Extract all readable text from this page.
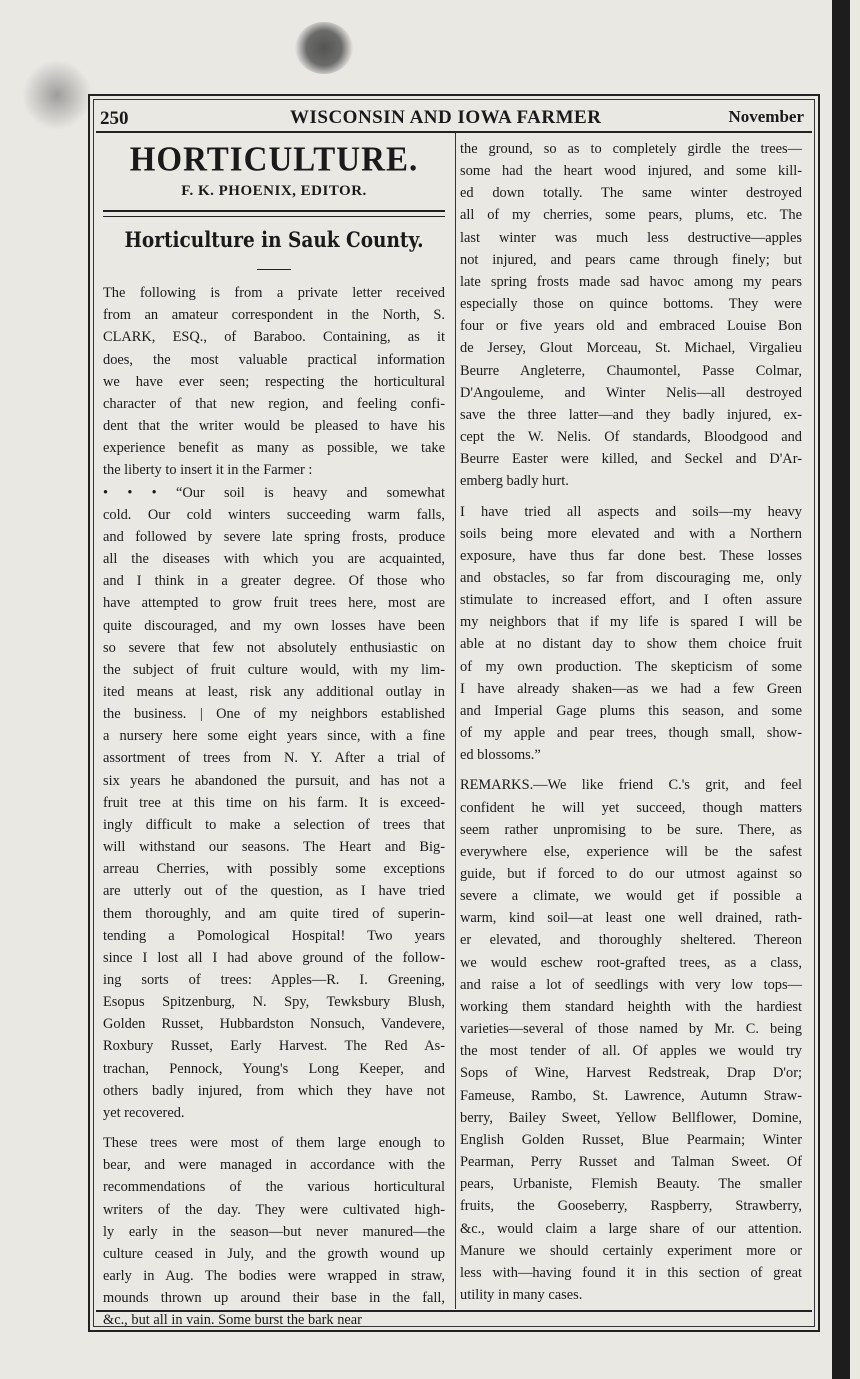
250	WISCONSIN AND IOWA FARMER	November
HORTICULTURE.
F. K. PHOENIX, EDITOR.
Horticulture in Sauk County.
The following is from a private letter received
from an amateur correspondent in the North, S.
CLARK, ESQ., of Baraboo. Containing, as it
does, the most valuable practical information
we have ever seen; respecting the horticultural
character of that new region, and feeling confi-
dent that the writer would be pleased to have his
experience benefit as many as possible, we take
the liberty to insert it in the Farmer :
• • • “Our soil is heavy and somewhat
cold. Our cold winters succeeding warm falls,
and followed by severe late spring frosts, produce
all the diseases with which you are acquainted,
and I think in a greater degree. Of those who
have attempted to grow fruit trees here, most are
quite discouraged, and my own losses have been
so severe that few not absolutely enthusiastic on
the subject of fruit culture would, with my lim-
ited means at least, risk any additional outlay in
the business. | One of my neighbors established
a nursery here some eight years since, with a fine
assortment of trees from N. Y. After a trial of
six years he abandoned the pursuit, and has not a
fruit tree at this time on his farm. It is exceed-
ingly difficult to make a selection of trees that
will withstand our seasons. The Heart and Big-
arreau Cherries, with possibly some exceptions
are utterly out of the question, as I have tried
them thoroughly, and am quite tired of superin-
tending a Pomological Hospital! Two years
since I lost all I had above ground of the follow-
ing sorts of trees: Apples—R. I. Greening,
Esopus Spitzenburg, N. Spy, Tewksbury Blush,
Golden Russet, Hubbardston Nonsuch, Vandevere,
Roxbury Russet, Early Harvest. The Red As-
trachan, Pennock, Young's Long Keeper, and
others badly injured, from which they have not
yet recovered.
These trees were most of them large enough to
bear, and were managed in accordance with the
recommendations of the various horticultural
writers of the day. They were cultivated high-
ly early in the season—but never manured—the
culture ceased in July, and the growth wound up
early in Aug. The bodies were wrapped in straw,
mounds thrown up around their base in the fall,
&c., but all in vain. Some burst the bark near
the ground, so as to completely girdle the trees—
some had the heart wood injured, and some kill-
ed down totally. The same winter destroyed
all of my cherries, some pears, plums, etc. The
last winter was much less destructive—apples
not injured, and pears came through finely; but
late spring frosts made sad havoc among my pears
especially those on quince bottoms. They were
four or five years old and embraced Louise Bon
de Jersey, Glout Morceau, St. Michael, Virgalieu
Beurre Angleterre, Chaumontel, Passe Colmar,
D'Angouleme, and Winter Nelis—all destroyed
save the three latter—and they badly injured, ex-
cept the W. Nelis. Of standards, Bloodgood and
Beurre Easter were killed, and Seckel and D'Ar-
emberg badly hurt.
I have tried all aspects and soils—my heavy
soils being more elevated and with a Northern
exposure, have thus far done best. These losses
and obstacles, so far from discouraging me, only
stimulate to increased effort, and I often assure
my neighbors that if my life is spared I will be
able at no distant day to show them choice fruit
of my own production. The skepticism of some
I have already shaken—as we had a few Green
and Imperial Gage plums this season, and some
of my apple and pear trees, though small, show-
ed blossoms.”
REMARKS.—We like friend C.'s grit, and feel
confident he will yet succeed, though matters
seem rather unpromising to be sure. There, as
everywhere else, experience will be the safest
guide, but if forced to do our utmost against so
severe a climate, we would get if possible a
warm, kind soil—at least one well drained, rath-
er elevated, and thoroughly sheltered. Thereon
we would eschew root-grafted trees, as a class,
and raise a lot of seedlings with very low tops—
working them standard heighth with the hardiest
varieties—several of those named by Mr. C. being
the most tender of all. Of apples we would try
Sops of Wine, Harvest Redstreak, Drap D'or;
Fameuse, Rambo, St. Lawrence, Autumn Straw-
berry, Bailey Sweet, Yellow Bellflower, Domine,
English Golden Russet, Blue Pearmain; Winter
Pearman, Perry Russet and Talman Sweet. Of
pears, Urbaniste, Flemish Beauty. The smaller
fruits, the Gooseberry, Raspberry, Strawberry,
&c., would claim a large share of our attention.
Manure we should certainly experiment more or
less with—having found it in this section of great
utility in many cases.
